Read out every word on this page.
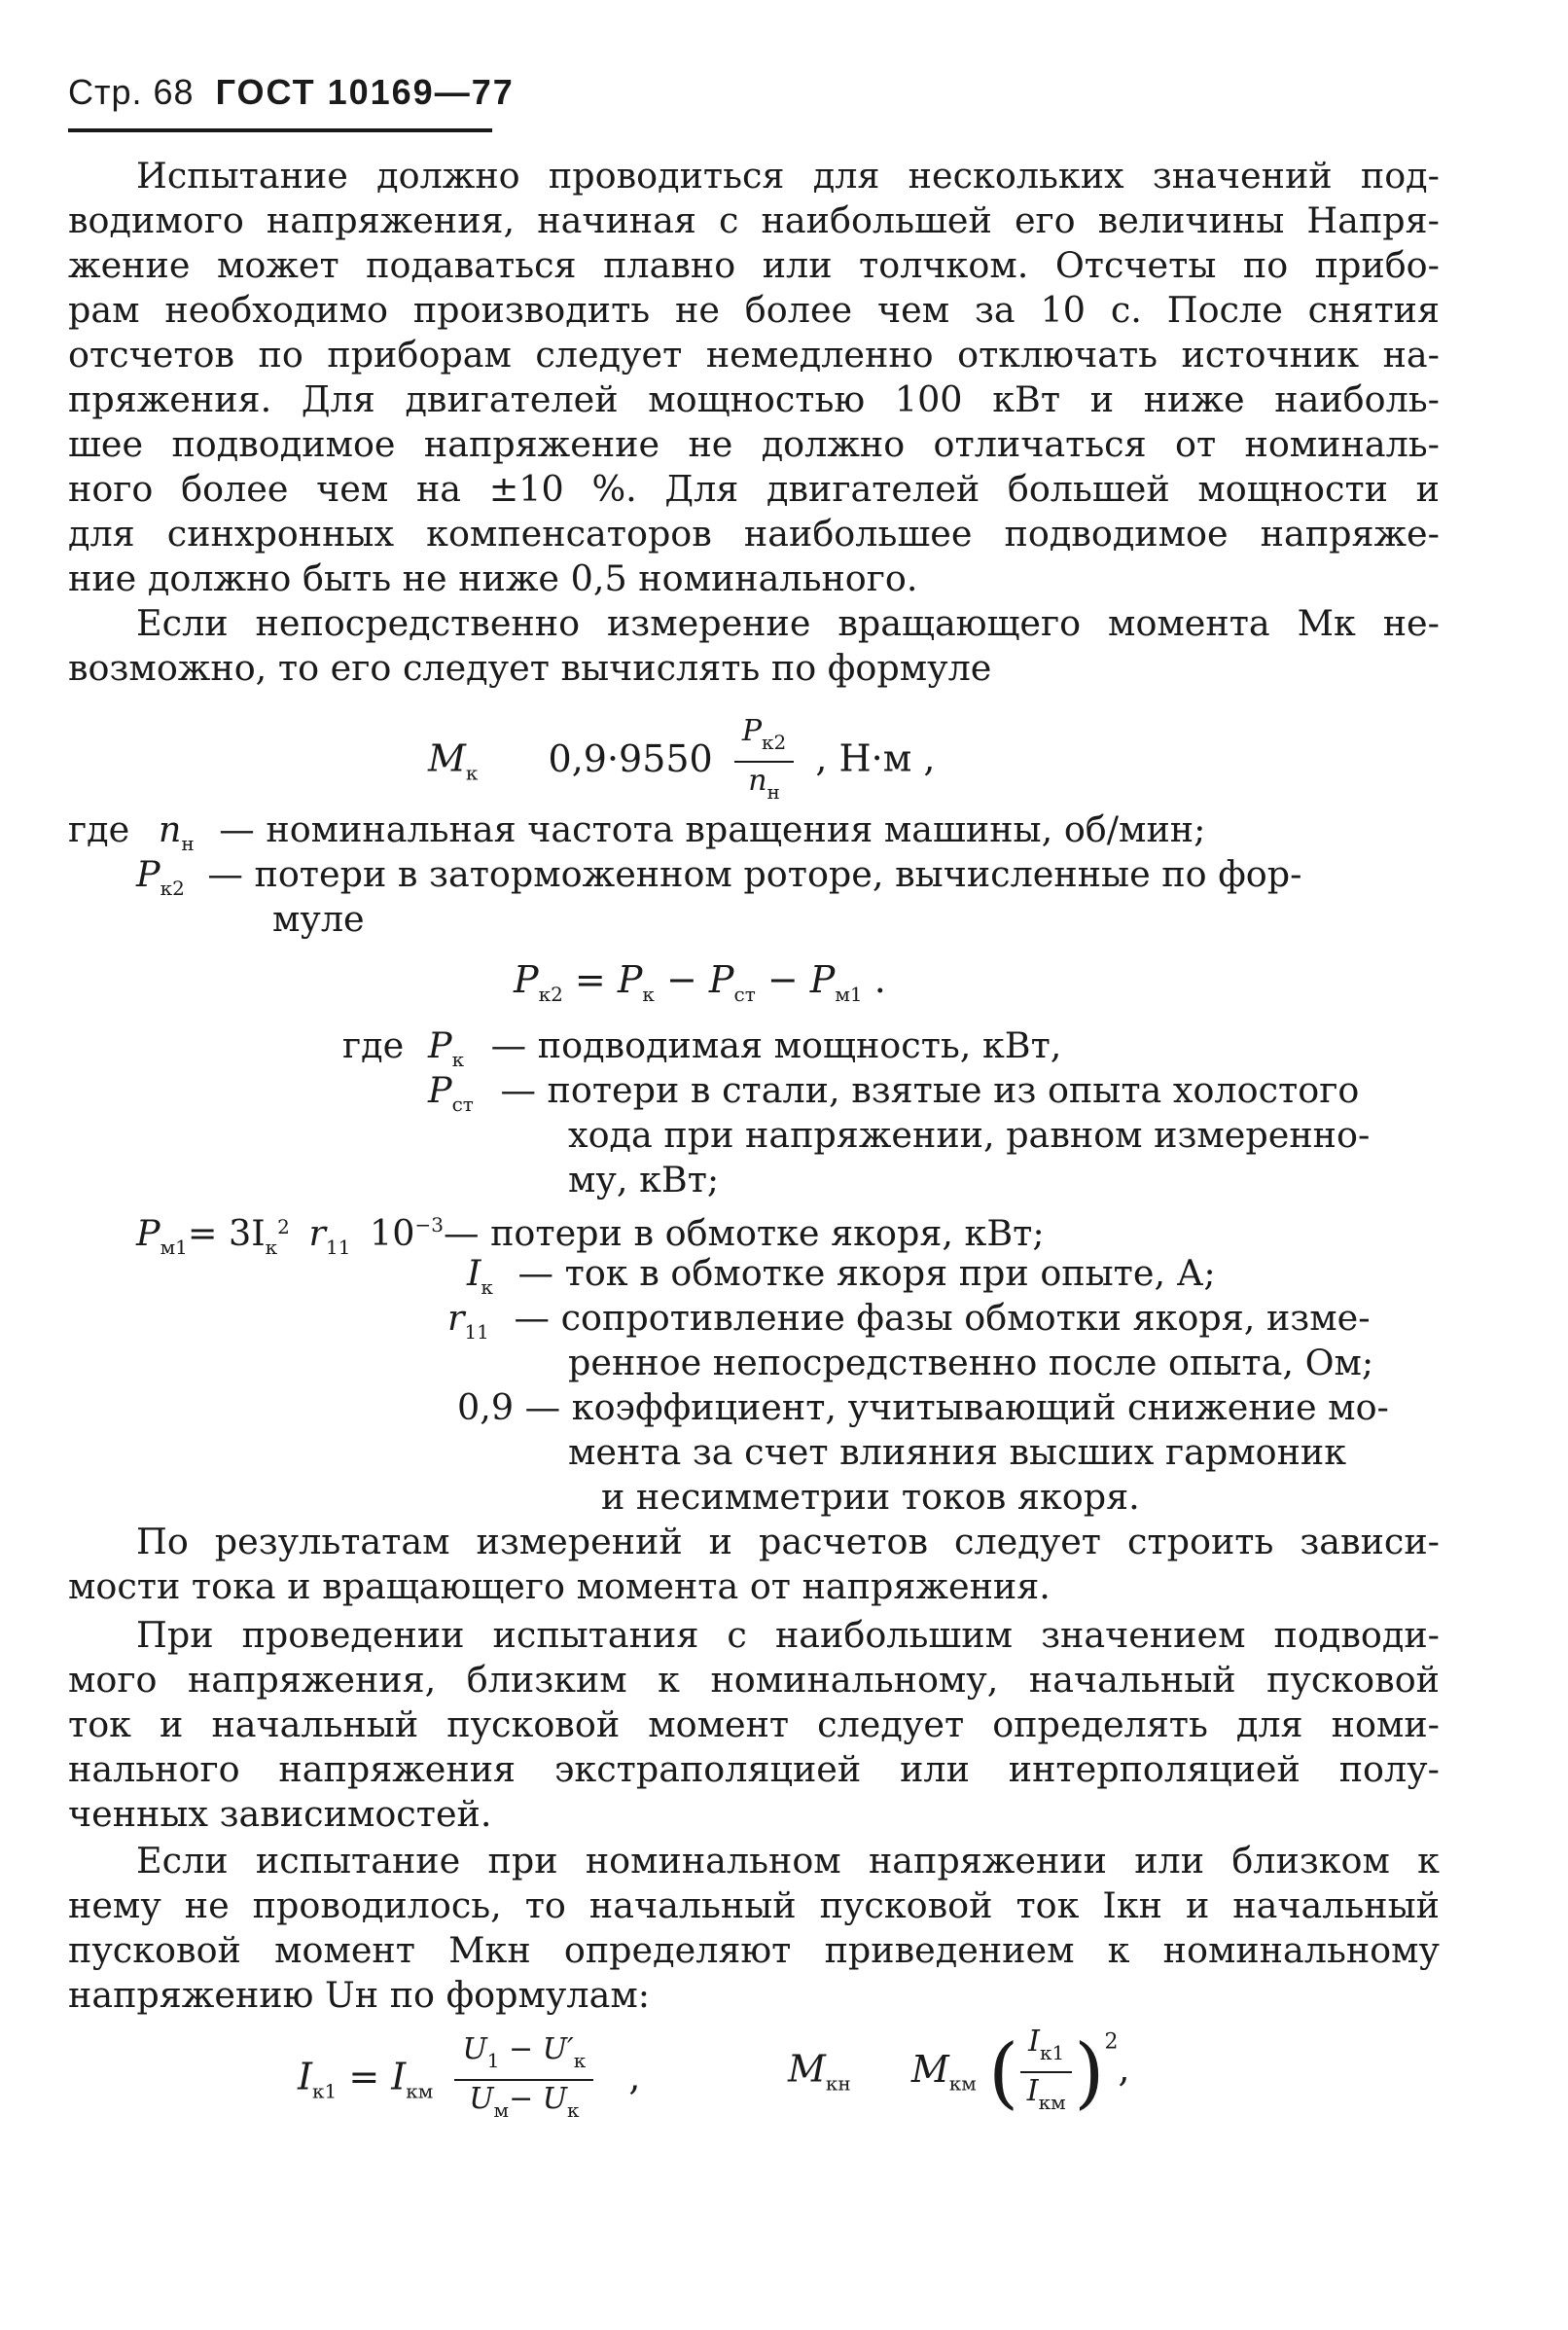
Стр. 68 ГОСТ 10169—77
Испытание должно проводиться для нескольких значений под-
водимого напряжения, начиная с наибольшей его величины Напря-
жение может подаваться плавно или толчком. Отсчеты по прибо-
рам необходимо производить не более чем за 10 с. После снятия
отсчетов по приборам следует немедленно отключать источник на-
пряжения. Для двигателей мощностью 100 кВт и ниже наиболь-
шее подводимое напряжение не должно отличаться от номиналь-
ного более чем на ±10 %. Для двигателей большей мощности и
для синхронных компенсаторов наибольшее подводимое напряже-
ние должно быть не ниже 0,5 номинального.
Если непосредственно измерение вращающего момента Mк не-
возможно, то его следует вычислять по формуле
$M_к$ $0,9\cdot 9550 \frac{P_{к2}}{n_н}$ , Н·м ,
где $n_н$ — номинальная частота вращения машины, об/мин;
$P_{к2}$ — потери в заторможенном роторе, вычисленные по фор-
муле
$P_{к2} = P_к - P_{ст} - P_{м1}$ .
где $P_к$ — подводимая мощность, кВт,
$P_{ст}$ — потери в стали, взятые из опыта холостого
хода при напряжении, равном измеренно-
му, кВт;
$P_{м1}= 3I_к^2$ $r_{11}$ $10^{-3}—$ потери в обмотке якоря, кВт;
$I_к$ — ток в обмотке якоря при опыте, А;
$r_{11}$ — сопротивление фазы обмотки якоря, изме-
ренное непосредственно после опыта, Ом;
0,9 — коэффициент, учитывающий снижение мо-
мента за счет влияния высших гармоник
и несимметрии токов якоря.
По результатам измерений и расчетов следует строить зависи-
мости тока и вращающего момента от напряжения.
При проведении испытания с наибольшим значением подводи-
мого напряжения, близким к номинальному, начальный пусковой
ток и начальный пусковой момент следует определять для номи-
нального напряжения экстраполяцией или интерполяцией полу-
ченных зависимостей.
Если испытание при номинальном напряжении или близком к
нему не проводилось, то начальный пусковой ток Iкн и начальный
пусковой момент Mкн определяют приведением к номинальному
напряжению Uн по формулам:
$I_{к1} = I_{км} \frac{U_1 - U'_к}{U_м- U_к}$ ,	$M_{кн}$ $M_{км}$ ( $\frac{I_{к1}}{I_{км}} )^2$,
